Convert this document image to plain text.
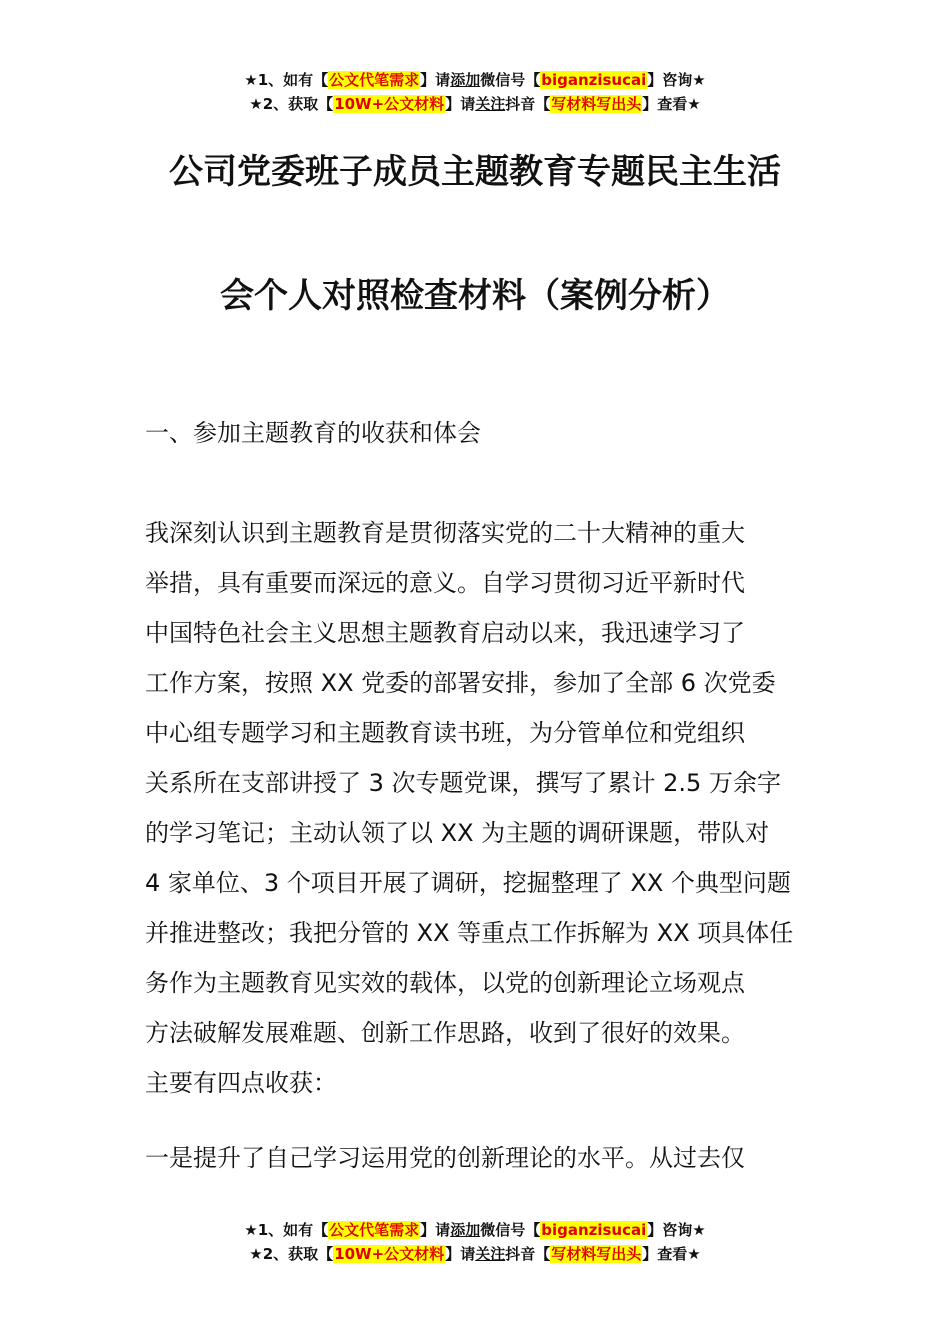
★1、如有【公文代笔需求】请添加微信号【biganzisucai】咨询★
★2、获取【10W+公文材料】请关注抖音【写材料写出头】查看★
公司党委班子成员主题教育专题民主生活
会个人对照检查材料（案例分析）
一、参加主题教育的收获和体会
我深刻认识到主题教育是贯彻落实党的二十大精神的重大
举措，具有重要而深远的意义。自学习贯彻习近平新时代
中国特色社会主义思想主题教育启动以来，我迅速学习了
工作方案，按照 XX 党委的部署安排，参加了全部 6 次党委
中心组专题学习和主题教育读书班，为分管单位和党组织
关系所在支部讲授了 3 次专题党课，撰写了累计 2.5 万余字
的学习笔记；主动认领了以 XX 为主题的调研课题，带队对
4 家单位、3 个项目开展了调研，挖掘整理了 XX 个典型问题
并推进整改；我把分管的 XX 等重点工作拆解为 XX 项具体任
务作为主题教育见实效的载体，以党的创新理论立场观点
方法破解发展难题、创新工作思路，收到了很好的效果。
主要有四点收获：
一是提升了自己学习运用党的创新理论的水平。从过去仅
★1、如有【公文代笔需求】请添加微信号【biganzisucai】咨询★
★2、获取【10W+公文材料】请关注抖音【写材料写出头】查看★
